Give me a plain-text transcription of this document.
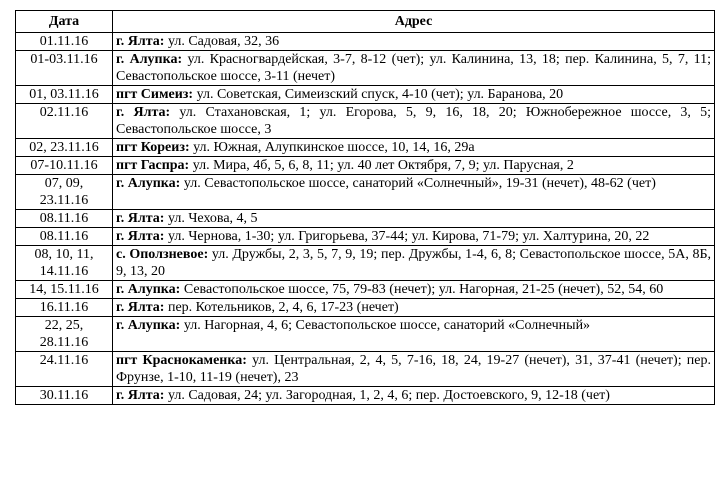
Дата	Адрес
01.11.16	г. Ялта: ул. Садовая, 32, 36
01-03.11.16	г. Алупка: ул. Красногвардейская, 3-7, 8-12 (чет); ул. Калинина, 13, 18; пер. Калинина, 5, 7, 11; Севастопольское шоссе, 3-11 (нечет)
01, 03.11.16	пгт Симеиз: ул. Советская, Симеизский спуск, 4-10 (чет); ул. Баранова, 20
02.11.16	г. Ялта: ул. Стахановская, 1; ул. Егорова, 5, 9, 16, 18, 20; Южнобережное шоссе, 3, 5; Севастопольское шоссе, 3
02, 23.11.16	пгт Кореиз: ул. Южная, Алупкинское шоссе, 10, 14, 16, 29а
07-10.11.16	пгт Гаспра: ул. Мира, 4б, 5, 6, 8, 11; ул. 40 лет Октября, 7, 9; ул. Парусная, 2
07, 09, 23.11.16	г. Алупка: ул. Севастопольское шоссе, санаторий «Солнечный», 19-31 (нечет), 48-62 (чет)
08.11.16	г. Ялта: ул. Чехова, 4, 5
08.11.16	г. Ялта: ул. Чернова, 1-30; ул. Григорьева, 37-44; ул. Кирова, 71-79; ул. Халтурина, 20, 22
08, 10, 11, 14.11.16	с. Оползневое: ул. Дружбы, 2, 3, 5, 7, 9, 19; пер. Дружбы, 1-4, 6, 8; Севастопольское шоссе, 5А, 8Б, 9, 13, 20
14, 15.11.16	г. Алупка: Севастопольское шоссе, 75, 79-83 (нечет); ул. Нагорная, 21-25 (нечет), 52, 54, 60
16.11.16	г. Ялта: пер. Котельников, 2, 4, 6, 17-23 (нечет)
22, 25, 28.11.16	г. Алупка: ул. Нагорная, 4, 6; Севастопольское шоссе, санаторий «Солнечный»
24.11.16	пгт Краснокаменка: ул. Центральная, 2, 4, 5, 7-16, 18, 24, 19-27 (нечет), 31, 37-41 (нечет); пер. Фрунзе, 1-10, 11-19 (нечет), 23
30.11.16	г. Ялта: ул. Садовая, 24; ул. Загородная, 1, 2, 4, 6; пер. Достоевского, 9, 12-18 (чет)
